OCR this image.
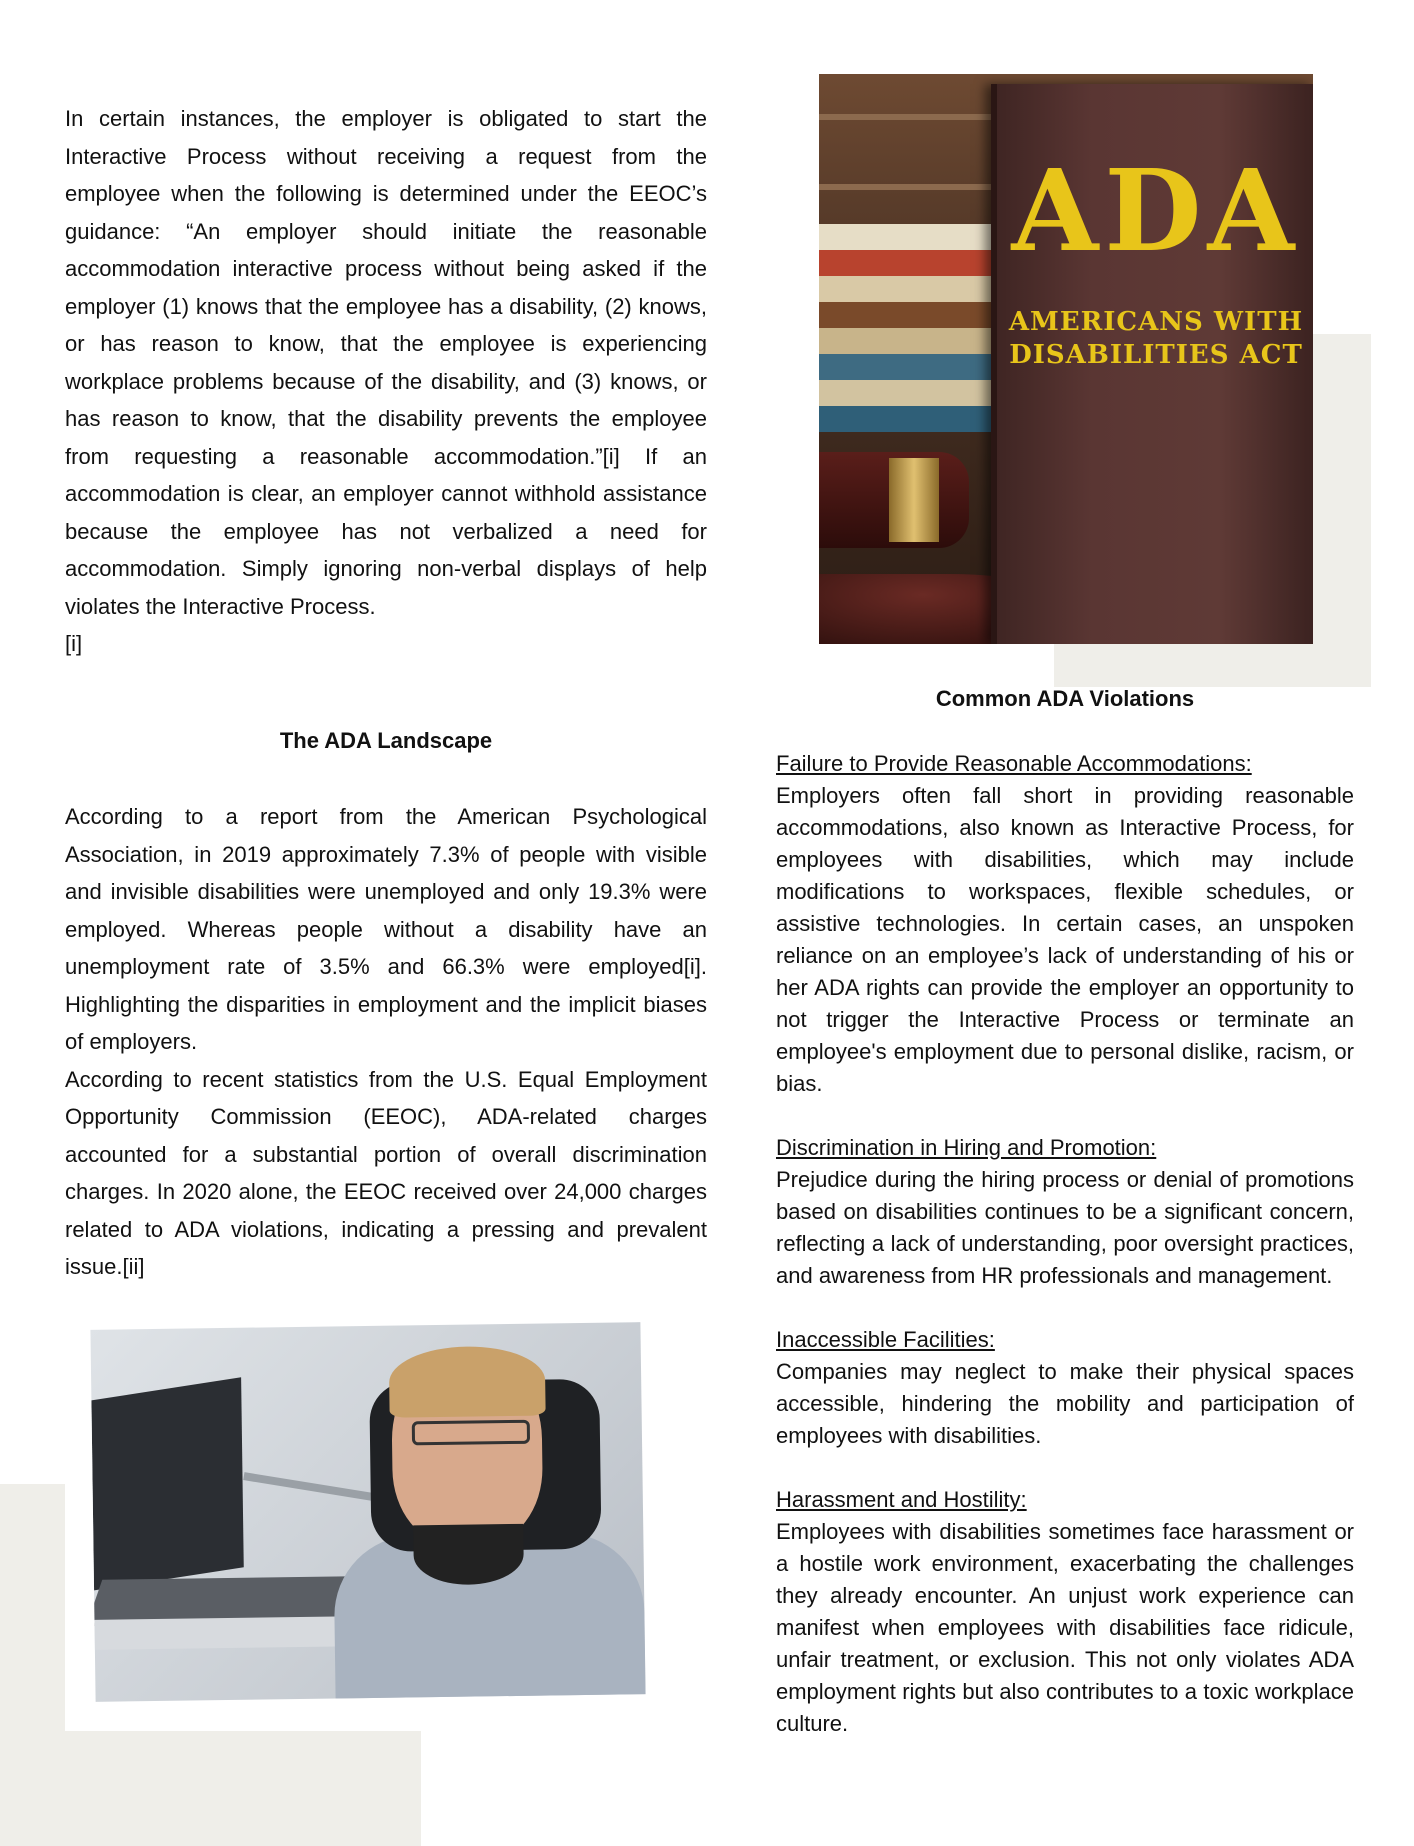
In certain instances, the employer is obligated to start the Interactive Process without receiving a request from the employee when the following is determined under the EEOC’s guidance: “An employer should initiate the reasonable accommodation interactive process without being asked if the employer (1) knows that the employee has a disability, (2) knows, or has reason to know, that the employee is experiencing workplace problems because of the disability, and (3) knows, or has reason to know, that the disability prevents the employee from requesting a reasonable accommodation.”[i] If an accommodation is clear, an employer cannot withhold assistance because the employee has not verbalized a need for accommodation. Simply ignoring non-verbal displays of help violates the Interactive Process.

[i]

The ADA Landscape

According to a report from the American Psychological Association, in 2019 approximately 7.3% of people with visible and invisible disabilities were unemployed and only 19.3% were employed. Whereas people without a disability have an unemployment rate of 3.5% and 66.3% were employed[i]. Highlighting the disparities in employment and the implicit biases of employers.

According to recent statistics from the U.S. Equal Employment Opportunity Commission (EEOC), ADA-related charges accounted for a substantial portion of overall discrimination charges. In 2020 alone, the EEOC received over 24,000 charges related to ADA violations, indicating a pressing and prevalent issue.[ii]

ADA
AMERICANS WITH
DISABILITIES ACT
Common ADA Violations
Failure to Provide Reasonable Accommodations:

Employers often fall short in providing reasonable accommodations, also known as Interactive Process, for employees with disabilities, which may include modifications to workspaces, flexible schedules, or assistive technologies. In certain cases, an unspoken reliance on an employee’s lack of understanding of his or her ADA rights can provide the employer an opportunity to not trigger the Interactive Process or terminate an employee's employment due to personal dislike, racism, or bias.

Discrimination in Hiring and Promotion:

Prejudice during the hiring process or denial of promotions based on disabilities continues to be a significant concern, reflecting a lack of understanding, poor oversight practices, and awareness from HR professionals and management.

Inaccessible Facilities:

Companies may neglect to make their physical spaces accessible, hindering the mobility and participation of employees with disabilities.

Harassment and Hostility:

Employees with disabilities sometimes face harassment or a hostile work environment, exacerbating the challenges they already encounter. An unjust work experience can manifest when employees with disabilities face ridicule, unfair treatment, or exclusion. This not only violates ADA employment rights but also contributes to a toxic workplace culture.
